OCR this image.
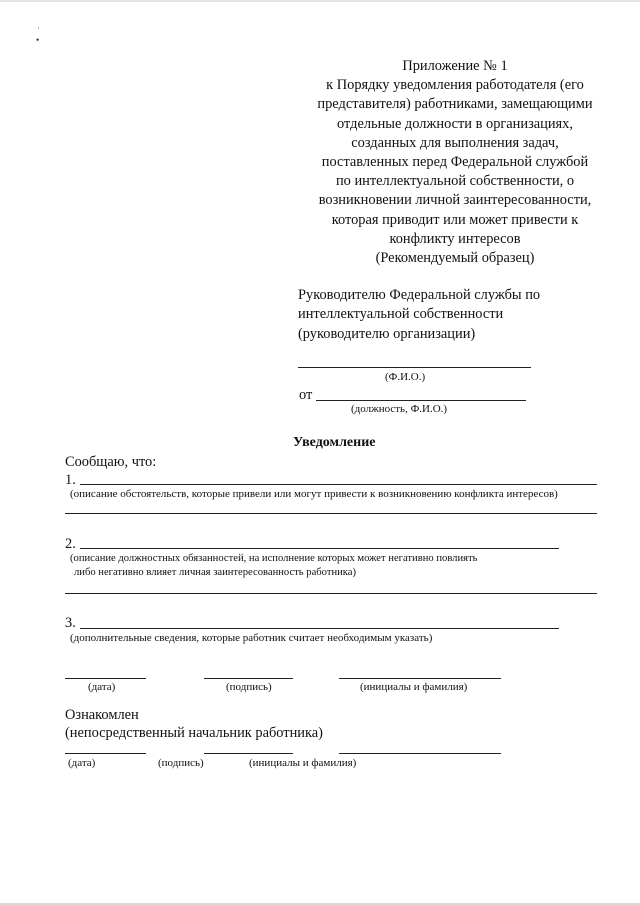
˙
•
Приложение № 1
к Порядку уведомления работодателя (его
представителя) работниками, замещающими
отдельные должности в организациях,
созданных для выполнения задач,
поставленных перед Федеральной службой
по интеллектуальной собственности, о
возникновении личной заинтересованности,
которая приводит или может привести к
конфликту интересов
(Рекомендуемый образец)
Руководителю Федеральной службы по
интеллектуальной собственности
(руководителю организации)
(Ф.И.О.)
от
(должность, Ф.И.О.)
Уведомление
Сообщаю, что:
1.
(описание обстоятельств, которые привели или могут привести к возникновению конфликта интересов)
2.
(описание должностных обязанностей, на исполнение которых может негативно повлиять
либо негативно влияет личная заинтересованность работника)
3.
(дополнительные сведения, которые работник считает необходимым указать)
(дата)	(подпись)	(инициалы и фамилия)
Ознакомлен
(непосредственный начальник работника)
(дата)	(подпись)	(инициалы и фамилия)
